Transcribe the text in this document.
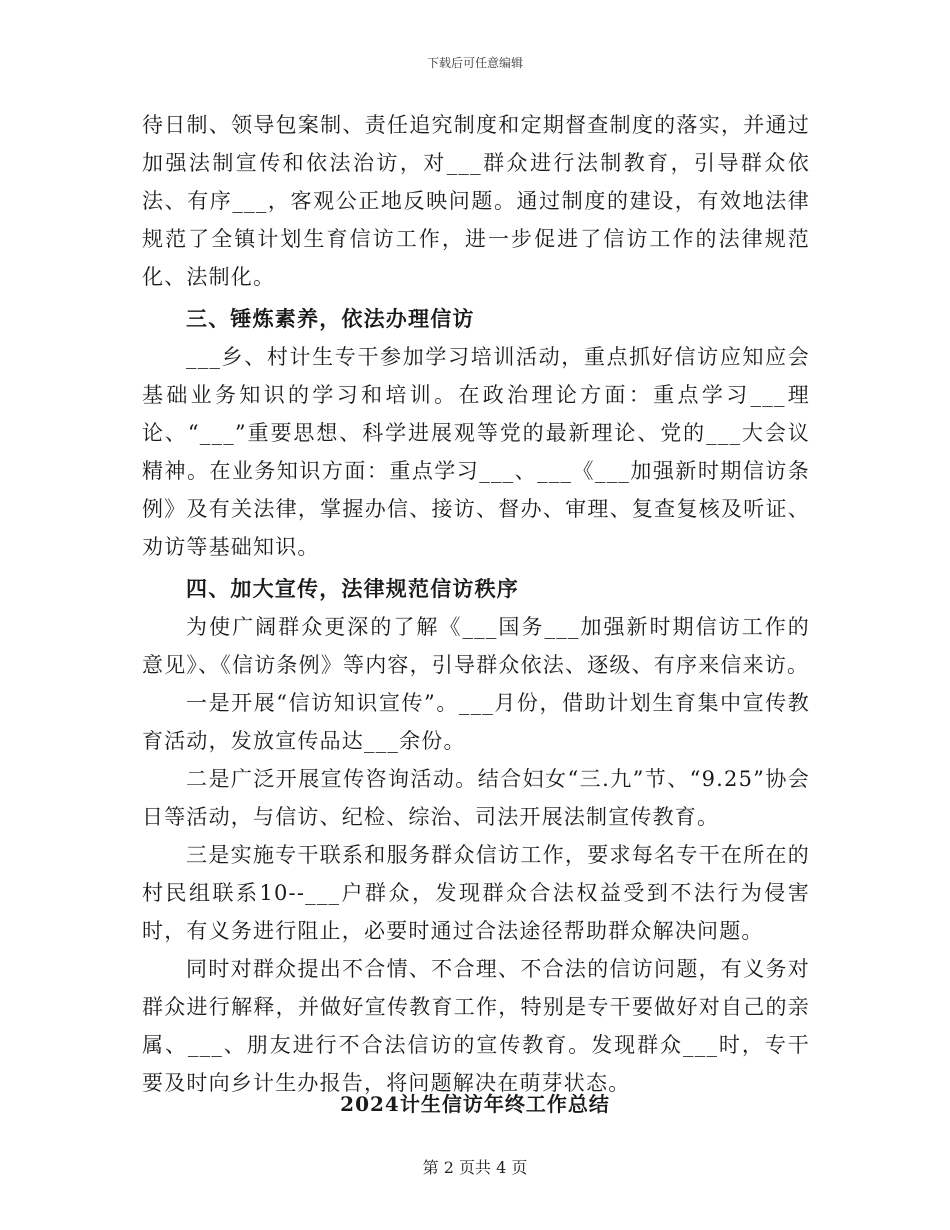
下载后可任意编辑

待日制、领导包案制、责任追究制度和定期督查制度的落实，并通过加强法制宣传和依法治访，对___群众进行法制教育，引导群众依法、有序___，客观公正地反映问题。通过制度的建设，有效地法律规范了全镇计划生育信访工作，进一步促进了信访工作的法律规范化、法制化。

三、锤炼素养，依法办理信访

___乡、村计生专干参加学习培训活动，重点抓好信访应知应会基础业务知识的学习和培训。在政治理论方面：重点学习___理论、“___”重要思想、科学进展观等党的最新理论、党的___大会议精神。在业务知识方面：重点学习___、___《___加强新时期信访条例》及有关法律，掌握办信、接访、督办、审理、复查复核及听证、劝访等基础知识。

四、加大宣传，法律规范信访秩序

为使广阔群众更深的了解《___国务___加强新时期信访工作的意见》、《信访条例》等内容，引导群众依法、逐级、有序来信来访。

一是开展“信访知识宣传”。___月份，借助计划生育集中宣传教育活动，发放宣传品达___余份。

二是广泛开展宣传咨询活动。结合妇女“三.九”节、“9.25”协会日等活动，与信访、纪检、综治、司法开展法制宣传教育。

三是实施专干联系和服务群众信访工作，要求每名专干在所在的村民组联系10--___户群众，发现群众合法权益受到不法行为侵害时，有义务进行阻止，必要时通过合法途径帮助群众解决问题。

同时对群众提出不合情、不合理、不合法的信访问题，有义务对群众进行解释，并做好宣传教育工作，特别是专干要做好对自己的亲属、___、朋友进行不合法信访的宣传教育。发现群众___时，专干要及时向乡计生办报告，将问题解决在萌芽状态。

2024计生信访年终工作总结
第 2 页共 4 页
